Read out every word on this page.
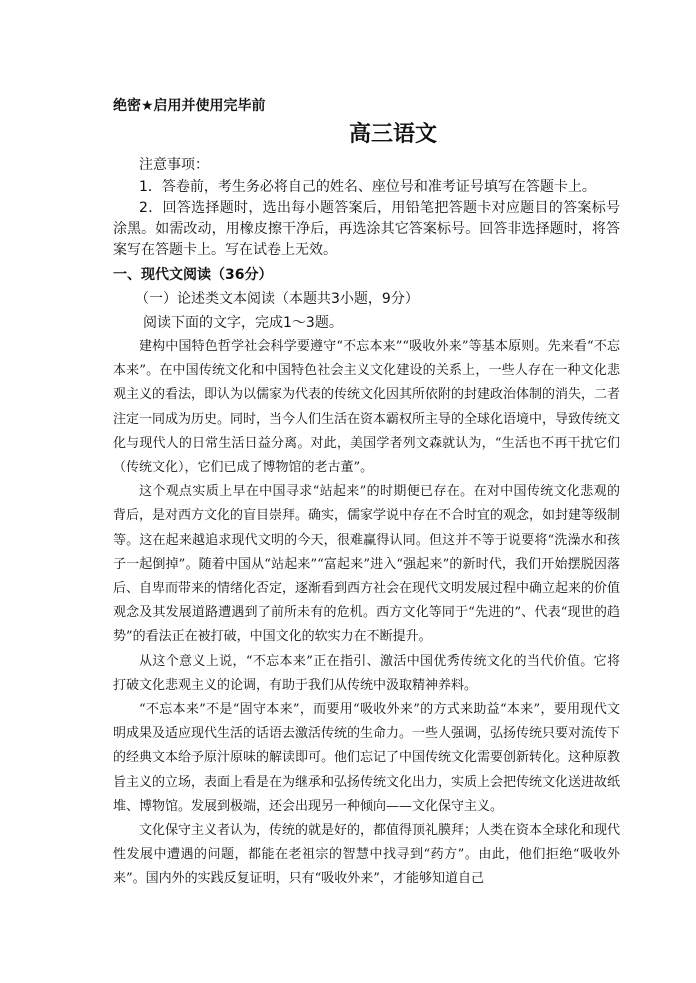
绝密★启用并使用完毕前
高三语文
注意事项：

1．答卷前，考生务必将自己的姓名、座位号和准考证号填写在答题卡上。

2．回答选择题时，选出每小题答案后，用铅笔把答题卡对应题目的答案标号涂黑。如需改动，用橡皮擦干净后，再选涂其它答案标号。回答非选择题时，将答案写在答题卡上。写在试卷上无效。

一、现代文阅读（36分）
（一）论述类文本阅读（本题共3小题，9分）
阅读下面的文字，完成1～3题。

建构中国特色哲学社会科学要遵守“不忘本来”“吸收外来”等基本原则。先来看“不忘本来”。在中国传统文化和中国特色社会主义文化建设的关系上，一些人存在一种文化悲观主义的看法，即认为以儒家为代表的传统文化因其所依附的封建政治体制的消失，二者注定一同成为历史。同时，当今人们生活在资本霸权所主导的全球化语境中，导致传统文化与现代人的日常生活日益分离。对此，美国学者列文森就认为，“生活也不再干扰它们（传统文化），它们已成了博物馆的老古董”。

这个观点实质上早在中国寻求“站起来”的时期便已存在。在对中国传统文化悲观的背后，是对西方文化的盲目崇拜。确实，儒家学说中存在不合时宜的观念，如封建等级制等。这在起来越追求现代文明的今天，很难赢得认同。但这并不等于说要将“洗澡水和孩子一起倒掉”。随着中国从“站起来”“富起来”进入“强起来”的新时代，我们开始摆脱因落后、自卑而带来的情绪化否定，逐渐看到西方社会在现代文明发展过程中确立起来的价值观念及其发展道路遭遇到了前所未有的危机。西方文化等同于“先进的”、代表“现世的趋势”的看法正在被打破，中国文化的软实力在不断提升。

从这个意义上说，“不忘本来”正在指引、激活中国优秀传统文化的当代价值。它将打破文化悲观主义的论调，有助于我们从传统中汲取精神养料。

“不忘本来”不是“固守本来”，而要用“吸收外来”的方式来助益“本来”，要用现代文明成果及适应现代生活的话语去激活传统的生命力。一些人强调，弘扬传统只要对流传下的经典文本给予原汁原味的解读即可。他们忘记了中国传统文化需要创新转化。这种原教旨主义的立场，表面上看是在为继承和弘扬传统文化出力，实质上会把传统文化送进故纸堆、博物馆。发展到极端，还会出现另一种倾向——文化保守主义。

文化保守主义者认为，传统的就是好的，都值得顶礼膜拜；人类在资本全球化和现代性发展中遭遇的问题，都能在老祖宗的智慧中找寻到“药方”。由此，他们拒绝“吸收外来”。国内外的实践反复证明，只有“吸收外来”，才能够知道自己
